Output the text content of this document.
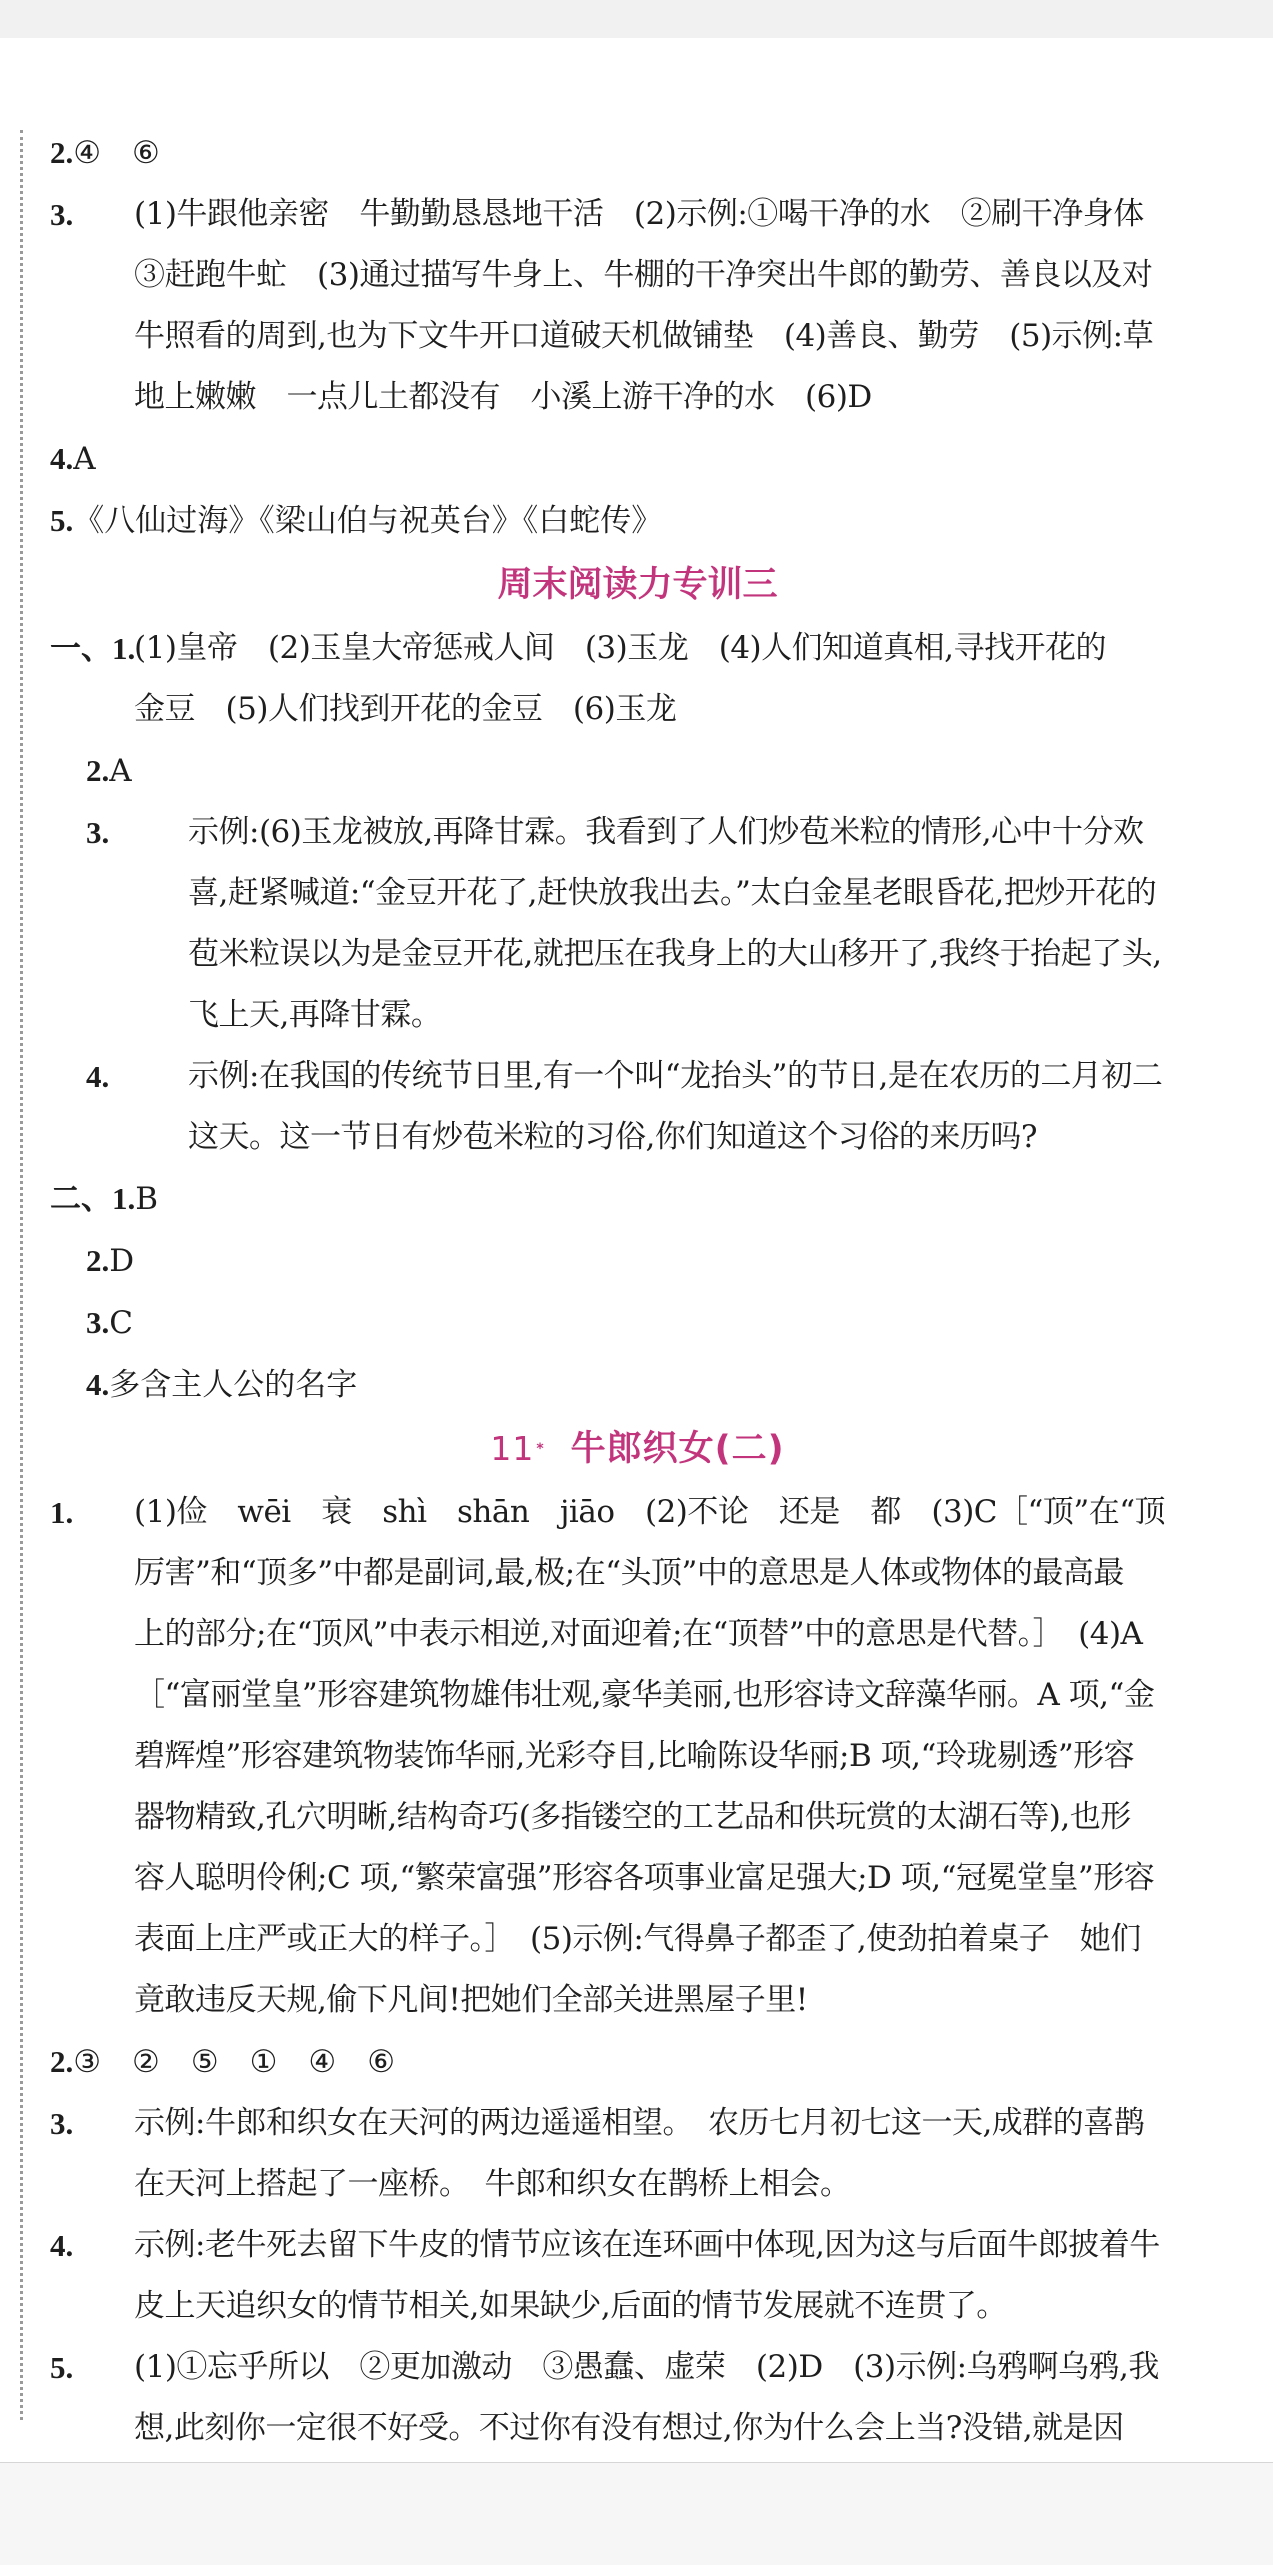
2.④　⑥

3. (1)牛跟他亲密　牛勤勤恳恳地干活　(2)示例:①喝干净的水　②刷干净身体
③赶跑牛虻　(3)通过描写牛身上、牛棚的干净突出牛郎的勤劳、善良以及对
牛照看的周到,也为下文牛开口道破天机做铺垫　(4)善良、勤劳　(5)示例:草
地上嫩嫩　一点儿土都没有　小溪上游干净的水　(6)D

4.A

5.《八仙过海》《梁山伯与祝英台》《白蛇传》

周末阅读力专训三

一、1.
(1)皇帝　(2)玉皇大帝惩戒人间　(3)玉龙　(4)人们知道真相,寻找开花的
金豆　(5)人们找到开花的金豆　(6)玉龙

2.A

3.	示例:(6)玉龙被放,再降甘霖。我看到了人们炒苞米粒的情形,心中十分欢
喜,赶紧喊道:“金豆开花了,赶快放我出去。”太白金星老眼昏花,把炒开花的
苞米粒误以为是金豆开花,就把压在我身上的大山移开了,我终于抬起了头,
飞上天,再降甘霖。

4.	示例:在我国的传统节日里,有一个叫“龙抬头”的节日,是在农历的二月初二
这天。这一节日有炒苞米粒的习俗,你们知道这个习俗的来历吗?

二、1.B

2.D

3.C

4.多含主人公的名字

11 * 牛郎织女(二)

1. (1)俭　wēi　衰　shì　shān　jiāo　(2)不论　还是　都　(3)C［“顶”在“顶
厉害”和“顶多”中都是副词,最,极;在“头顶”中的意思是人体或物体的最高最
上的部分;在“顶风”中表示相逆,对面迎着;在“顶替”中的意思是代替。］　(4)A
［“富丽堂皇”形容建筑物雄伟壮观,豪华美丽,也形容诗文辞藻华丽。A 项,“金
碧辉煌”形容建筑物装饰华丽,光彩夺目,比喻陈设华丽;B 项,“玲珑剔透”形容
器物精致,孔穴明晰,结构奇巧(多指镂空的工艺品和供玩赏的太湖石等),也形
容人聪明伶俐;C 项,“繁荣富强”形容各项事业富足强大;D 项,“冠冕堂皇”形容
表面上庄严或正大的样子。］　(5)示例:气得鼻子都歪了,使劲拍着桌子　她们
竟敢违反天规,偷下凡间!把她们全部关进黑屋子里!

2.③　②　⑤　①　④　⑥

3. 示例:牛郎和织女在天河的两边遥遥相望。　农历七月初七这一天,成群的喜鹊
在天河上搭起了一座桥。　牛郎和织女在鹊桥上相会。

4. 示例:老牛死去留下牛皮的情节应该在连环画中体现,因为这与后面牛郎披着牛
皮上天追织女的情节相关,如果缺少,后面的情节发展就不连贯了。

5. (1)①忘乎所以　②更加激动　③愚蠢、虚荣　(2)D　(3)示例:乌鸦啊乌鸦,我
想,此刻你一定很不好受。不过你有没有想过,你为什么会上当?没错,就是因
